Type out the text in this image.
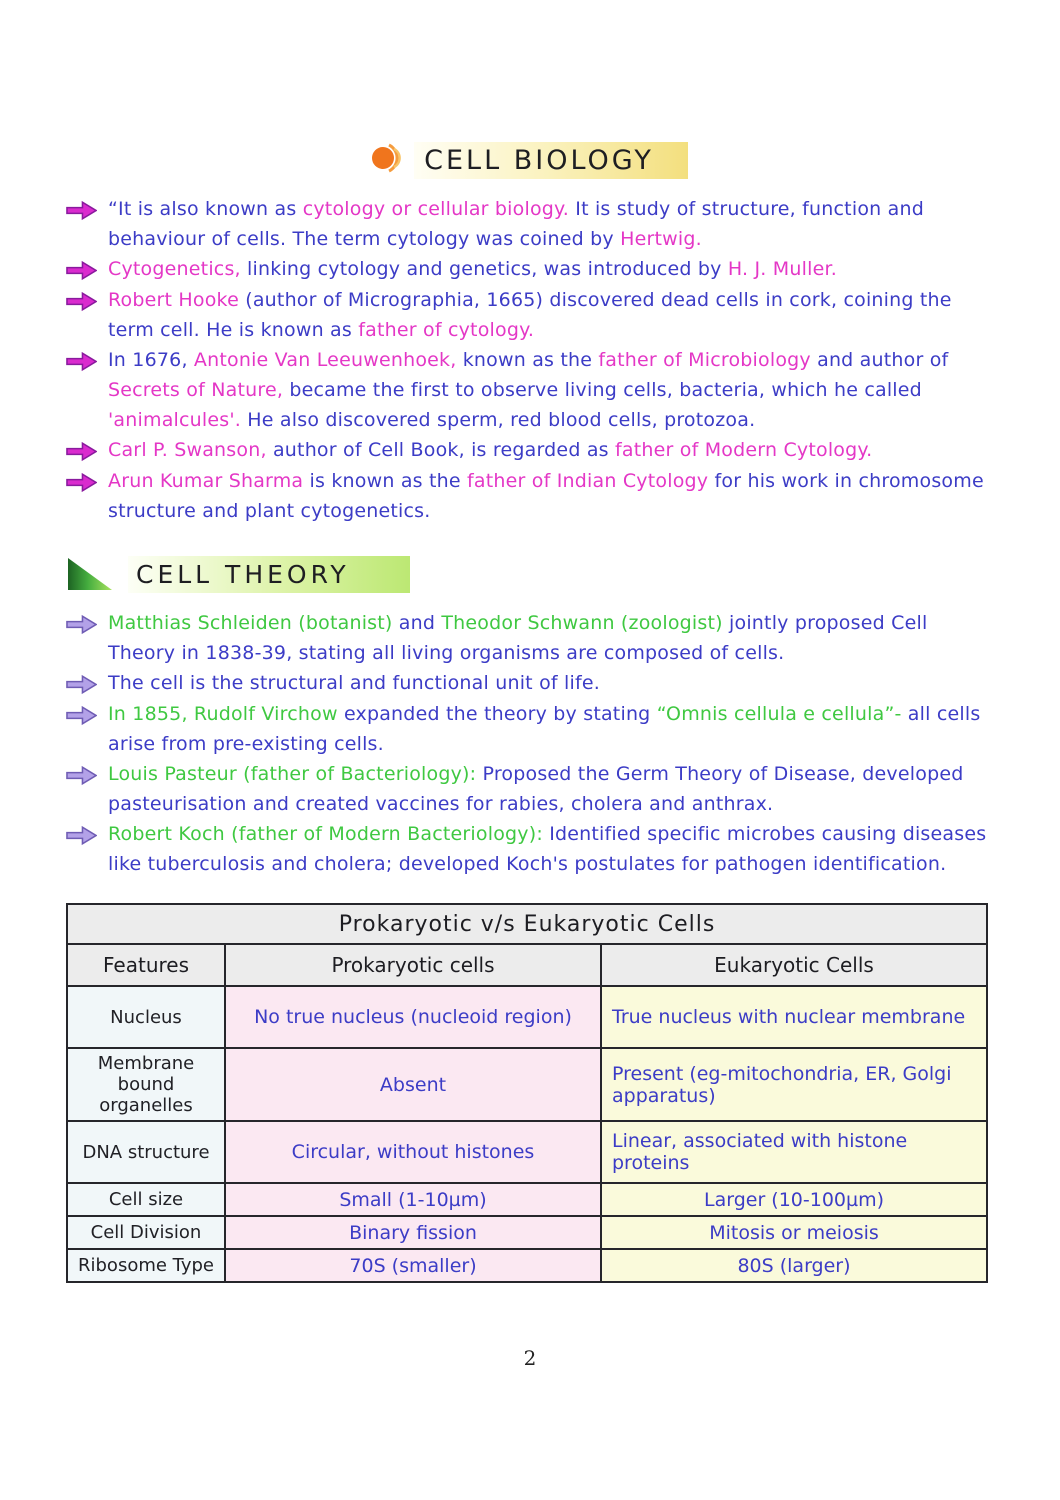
CELL BIOLOGY
“It is also known as cytology or cellular biology. It is study of structure, function and behaviour of cells. The term cytology was coined by Hertwig.
Cytogenetics, linking cytology and genetics, was introduced by H. J. Muller.
Robert Hooke (author of Micrographia, 1665) discovered dead cells in cork, coining the term cell. He is known as father of cytology.
In 1676, Antonie Van Leeuwenhoek, known as the father of Microbiology and author of Secrets of Nature, became the first to observe living cells, bacteria, which he called 'animalcules'. He also discovered sperm, red blood cells, protozoa.
Carl P. Swanson, author of Cell Book, is regarded as father of Modern Cytology.
Arun Kumar Sharma is known as the father of Indian Cytology for his work in chromosome structure and plant cytogenetics.
CELL THEORY
Matthias Schleiden (botanist) and Theodor Schwann (zoologist) jointly proposed Cell Theory in 1838-39, stating all living organisms are composed of cells.
The cell is the structural and functional unit of life.
In 1855, Rudolf Virchow expanded the theory by stating “Omnis cellula e cellula”- all cells arise from pre-existing cells.
Louis Pasteur (father of Bacteriology): Proposed the Germ Theory of Disease, developed pasteurisation and created vaccines for rabies, cholera and anthrax.
Robert Koch (father of Modern Bacteriology): Identified specific microbes causing diseases like tuberculosis and cholera; developed Koch's postulates for pathogen identification.
Prokaryotic v/s Eukaryotic Cells		
Features	Prokaryotic cells	Eukaryotic Cells
Nucleus	No true nucleus (nucleoid region)	True nucleus with nuclear membrane
Membrane bound organelles	Absent	Present (eg-mitochondria, ER, Golgi apparatus)
DNA structure	Circular, without histones	Linear, associated with histone proteins
Cell size	Small (1-10µm)	Larger (10-100µm)
Cell Division	Binary fission	Mitosis or meiosis
Ribosome Type	70S (smaller)	80S (larger)
2
